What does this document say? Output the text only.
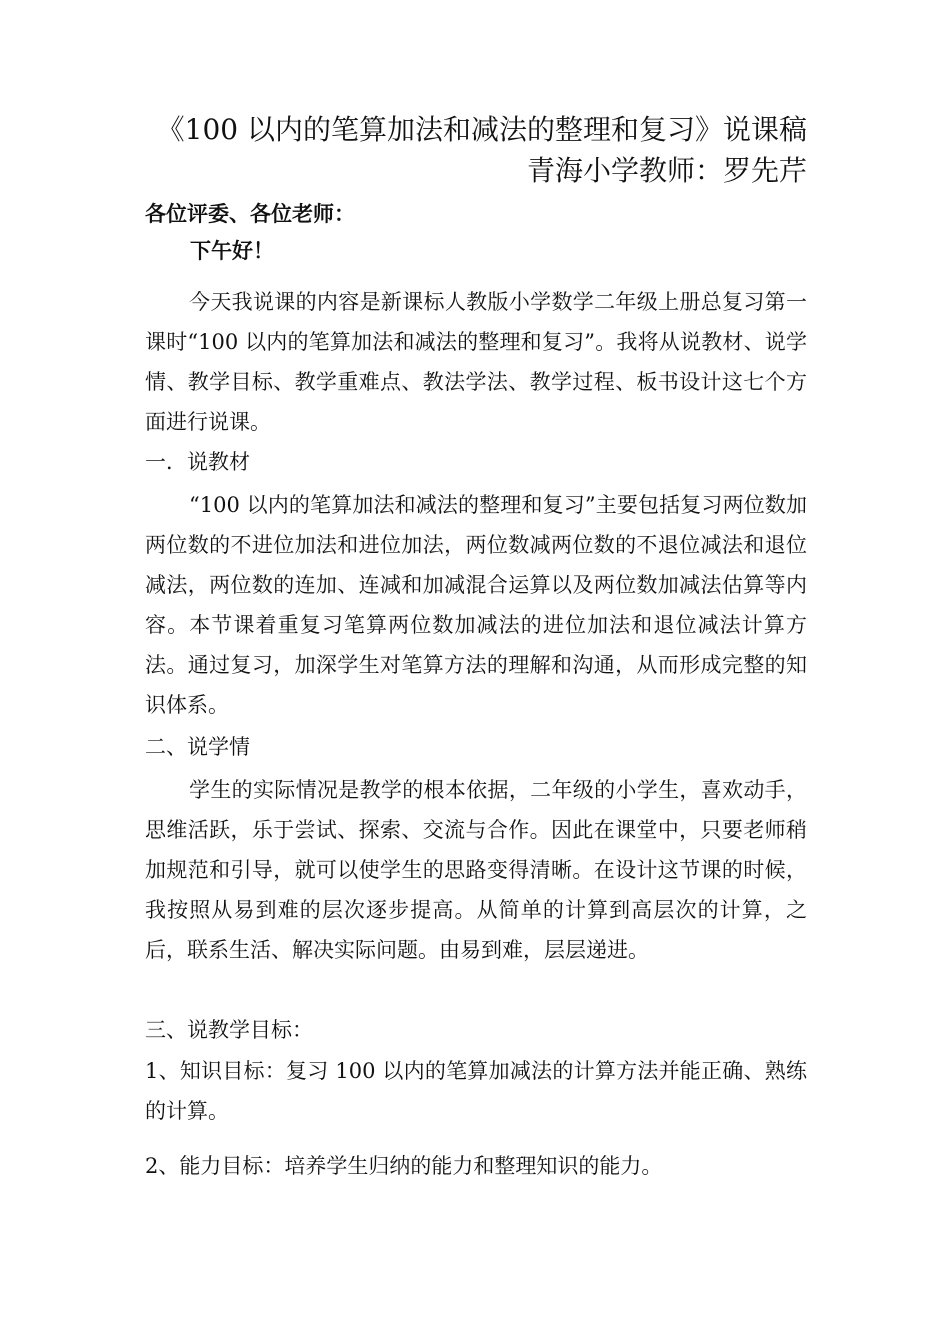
《100 以内的笔算加法和减法的整理和复习》说课稿
青海小学教师：罗先芹
各位评委、各位老师：
下午好！
今天我说课的内容是新课标人教版小学数学二年级上册总复习第一课时“100 以内的笔算加法和减法的整理和复习”。我将从说教材、说学情、教学目标、教学重难点、教法学法、教学过程、板书设计这七个方面进行说课。
一．说教材
“100 以内的笔算加法和减法的整理和复习”主要包括复习两位数加两位数的不进位加法和进位加法，两位数减两位数的不退位减法和退位减法，两位数的连加、连减和加减混合运算以及两位数加减法估算等内容。本节课着重复习笔算两位数加减法的进位加法和退位减法计算方法。通过复习，加深学生对笔算方法的理解和沟通，从而形成完整的知识体系。
二、说学情
学生的实际情况是教学的根本依据，二年级的小学生，喜欢动手，思维活跃，乐于尝试、探索、交流与合作。因此在课堂中，只要老师稍加规范和引导，就可以使学生的思路变得清晰。在设计这节课的时候，我按照从易到难的层次逐步提高。从简单的计算到高层次的计算，之后，联系生活、解决实际问题。由易到难，层层递进。
三、说教学目标：
1、知识目标：复习 100 以内的笔算加减法的计算方法并能正确、熟练的计算。
2、能力目标：培养学生归纳的能力和整理知识的能力。
